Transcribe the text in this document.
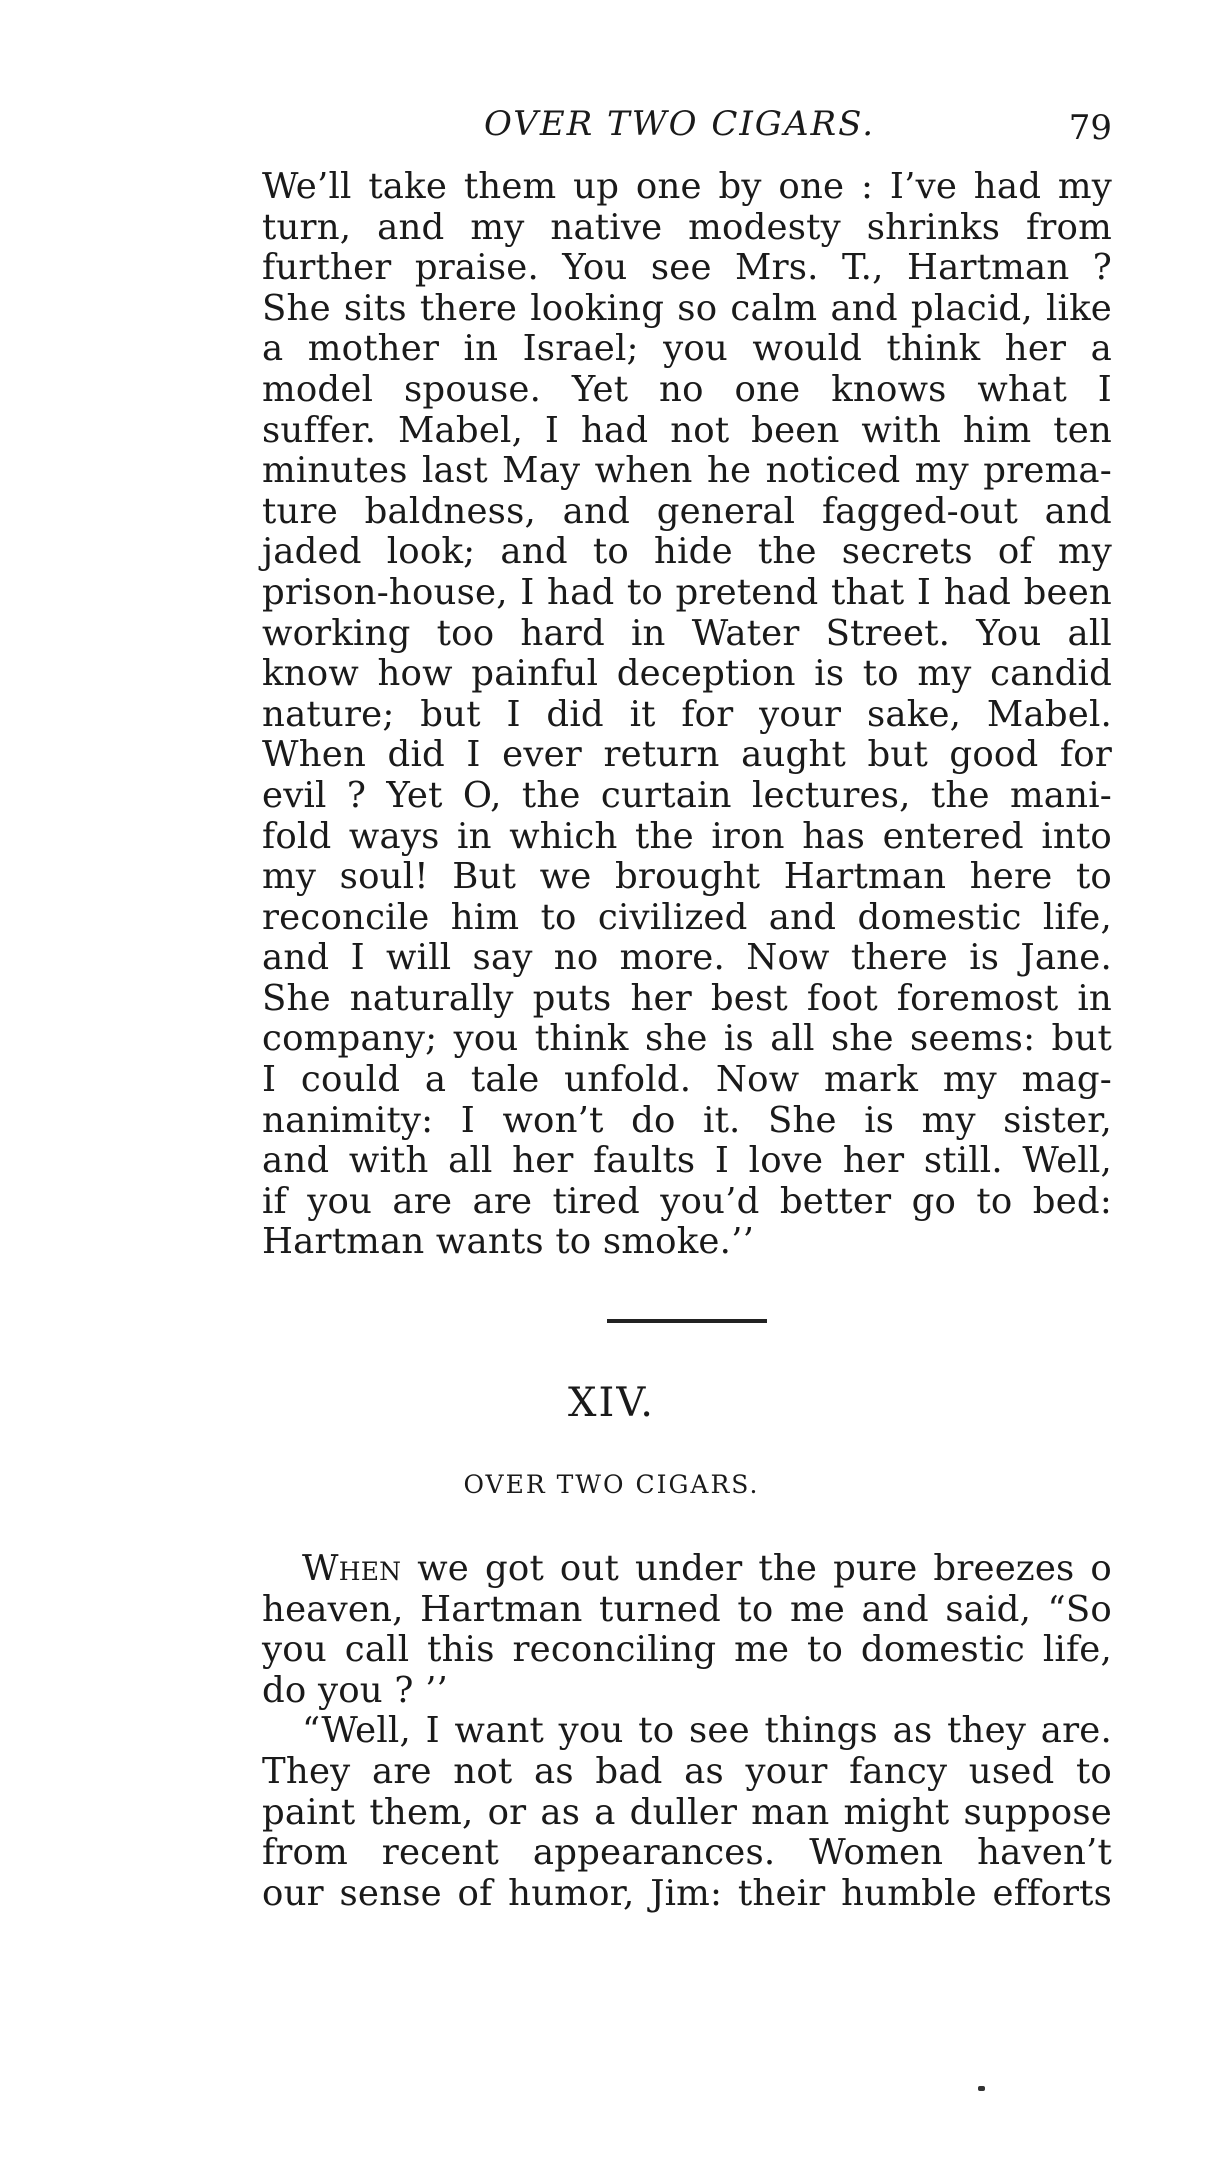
OVER TWO CIGARS.	79
We’ll take them up one by one : I’ve had my
turn, and my native modesty shrinks from
further praise. You see Mrs. T., Hartman ?
She sits there looking so calm and placid, like
a mother in Israel; you would think her a
model spouse. Yet no one knows what I
suffer. Mabel, I had not been with him ten
minutes last May when he noticed my prema-
ture baldness, and general fagged-out and
jaded look; and to hide the secrets of my
prison-house, I had to pretend that I had been
working too hard in Water Street. You all
know how painful deception is to my candid
nature; but I did it for your sake, Mabel.
When did I ever return aught but good for
evil ? Yet O, the curtain lectures, the mani-
fold ways in which the iron has entered into
my soul! But we brought Hartman here to
reconcile him to civilized and domestic life,
and I will say no more. Now there is Jane.
She naturally puts her best foot foremost in
company; you think she is all she seems: but
I could a tale unfold. Now mark my mag-
nanimity: I won’t do it. She is my sister,
and with all her faults I love her still. Well,
if you are are tired you’d better go to bed:
Hartman wants to smoke.’’
XIV.
OVER TWO CIGARS.
When we got out under the pure breezes o
heaven, Hartman turned to me and said, “So
you call this reconciling me to domestic life,
do you ? ’’
“Well, I want you to see things as they are.
They are not as bad as your fancy used to
paint them, or as a duller man might suppose
from recent appearances. Women haven’t
our sense of humor, Jim: their humble efforts
